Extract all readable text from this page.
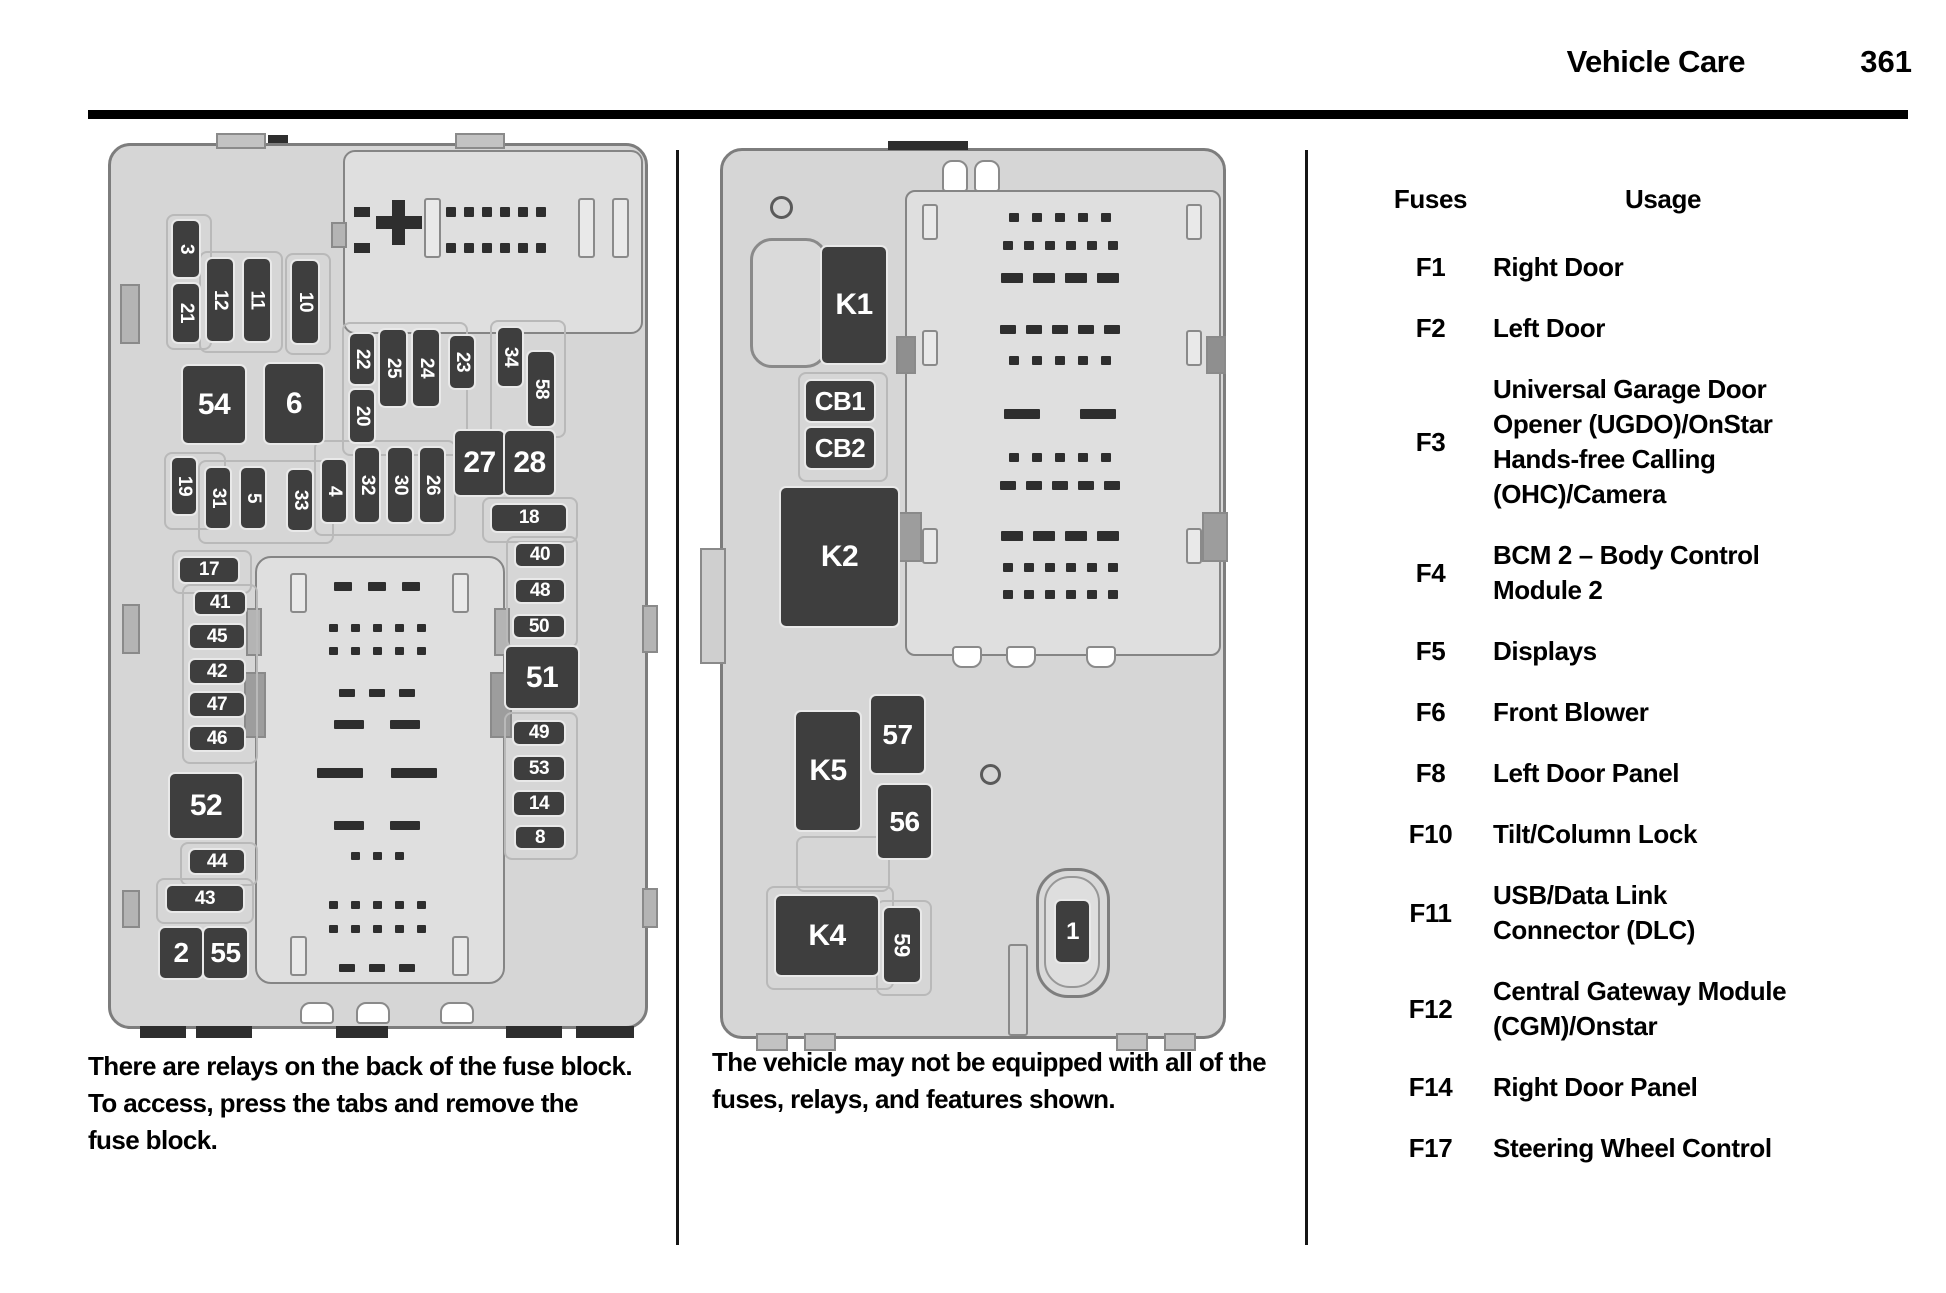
Vehicle Care	361
3
21
12 11 10
22
20
25 24 23 34
58
54 6
27 28
19
31 5 33 4 32 30 26
18
40
48
50
51
49
53
14
8
17
41
45
42
47
46
52
44
43
2 55
K1
CB1
CB2
K2
K5
57
56
K4 59
1
There are relays on the back of the fuse block.
To access, press the tabs and remove the
fuse block.
The vehicle may not be equipped with all of the
fuses, relays, and features shown.
Fuses	Usage
F1	Right Door
F2	Left Door
F3
Universal Garage Door
Opener (UGDO)/OnStar
Hands-free Calling
(OHC)/Camera
F4
BCM 2 – Body Control
Module 2
F5	Displays
F6	Front Blower
F8	Left Door Panel
F10	Tilt/Column Lock
F11
USB/Data Link
Connector (DLC)
F12
Central Gateway Module
(CGM)/Onstar
F14	Right Door Panel
F17	Steering Wheel Control
